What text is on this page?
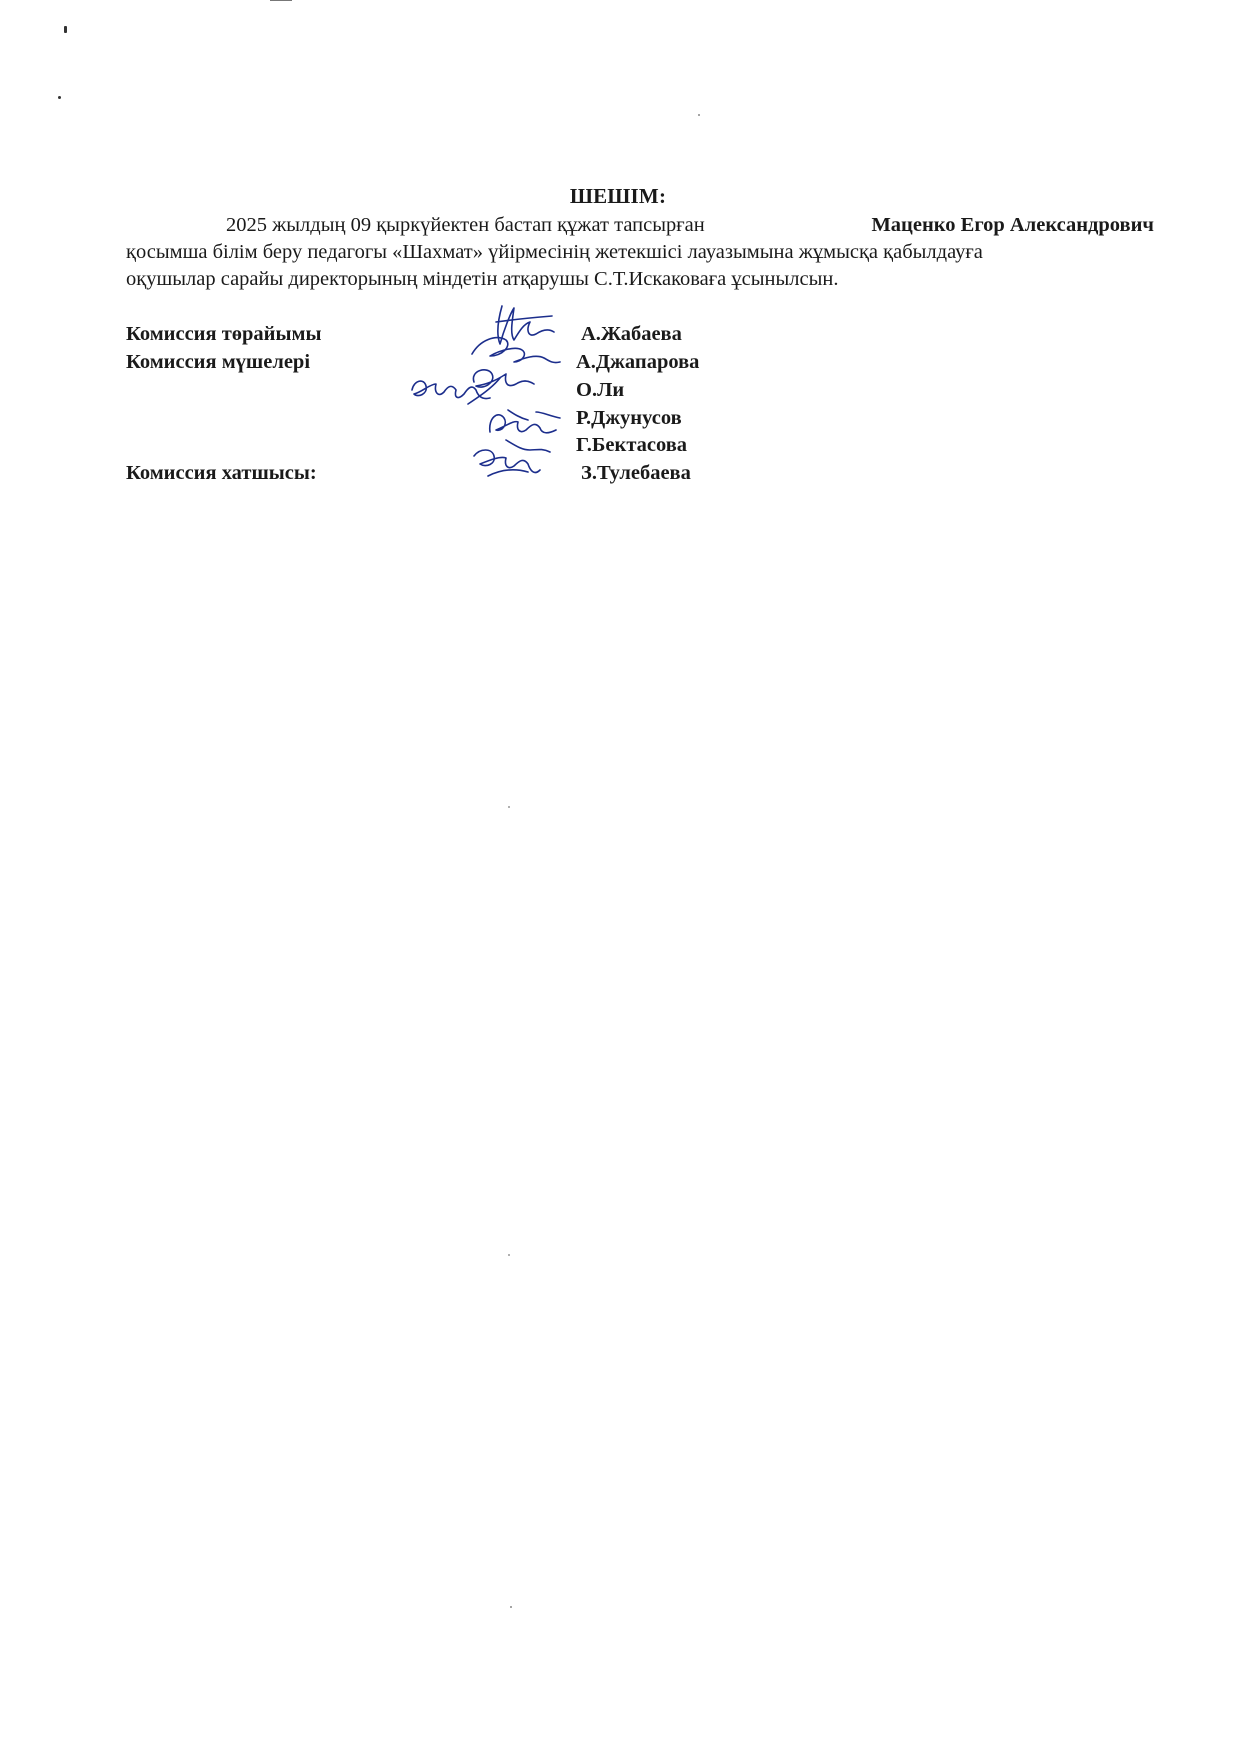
ШЕШІМ:
2025 жылдың 09 қыркүйектен бастап құжат тапсырған	Маценко Егор Александрович
қосымша білім беру педагогы «Шахмат» үйірмесінің жетекшісі лауазымына жұмысқа қабылдауға
оқушылар сарайы директорының міндетін атқарушы С.Т.Искаковаға ұсынылсын.
Комиссия төрайымы
Комиссия мүшелері
Комиссия хатшысы:
А.Жабаева
А.Джапарова
О.Ли
Р.Джунусов
Г.Бектасова
З.Тулебаева
